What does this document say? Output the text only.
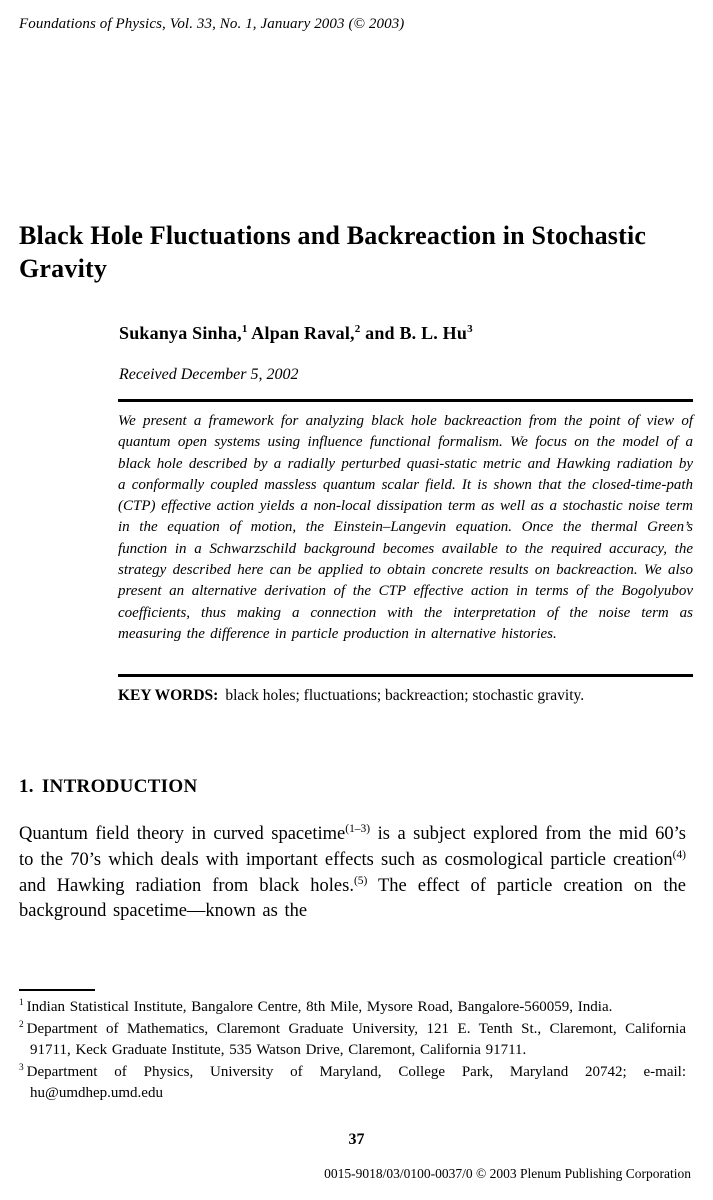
Foundations of Physics, Vol. 33, No. 1, January 2003 (© 2003)
Black Hole Fluctuations and Backreaction in Stochastic Gravity
Sukanya Sinha,$^1$ Alpan Raval,$^2$ and B. L. Hu$^3$
Received December 5, 2002
We present a framework for analyzing black hole backreaction from the point of view of quantum open systems using influence functional formalism. We focus on the model of a black hole described by a radially perturbed quasi-static metric and Hawking radiation by a conformally coupled massless quantum scalar field. It is shown that the closed-time-path (CTP) effective action yields a non-local dissipation term as well as a stochastic noise term in the equation of motion, the Einstein–Langevin equation. Once the thermal Green’s function in a Schwarzschild background becomes available to the required accuracy, the strategy described here can be applied to obtain concrete results on backreaction. We also present an alternative derivation of the CTP effective action in terms of the Bogolyubov coefficients, thus making a connection with the interpretation of the noise term as measuring the difference in particle production in alternative histories.
KEY WORDS: black holes; fluctuations; backreaction; stochastic gravity.
1. INTRODUCTION
Quantum field theory in curved spacetime$^{(1-3)}$ is a subject explored from the mid 60’s to the 70’s which deals with important effects such as cosmological particle creation$^{(4)}$ and Hawking radiation from black holes.$^{(5)}$ The effect of particle creation on the background spacetime—known as the
$^1$ Indian Statistical Institute, Bangalore Centre, 8th Mile, Mysore Road, Bangalore-560059, India.
$^2$ Department of Mathematics, Claremont Graduate University, 121 E. Tenth St., Claremont, California 91711, Keck Graduate Institute, 535 Watson Drive, Claremont, California 91711.
$^3$ Department of Physics, University of Maryland, College Park, Maryland 20742; e-mail: hu@umdhep.umd.edu
37
0015-9018/03/0100-0037/0 © 2003 Plenum Publishing Corporation
